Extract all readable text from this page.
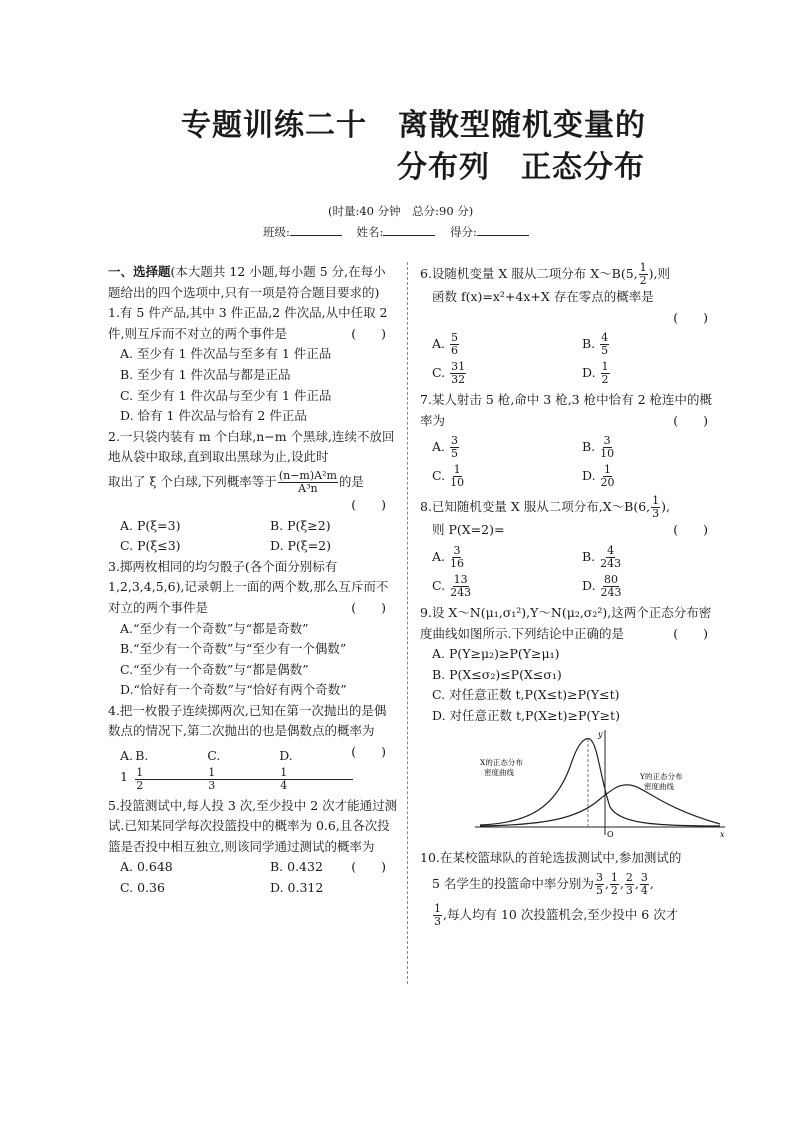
专题训练二十　离散型随机变量的
分布列　正态分布
(时量:40 分钟　总分:90 分)
班级:	姓名:	得分:

一、选择题(本大题共 12 小题,每小题 5 分,在每小题给出的四个选项中,只有一项是符合题目要求的)

1.有 5 件产品,其中 3 件正品,2 件次品,从中任取 2 件,则互斥而不对立的两个事件是	(　　)

A. 至少有 1 件次品与至多有 1 件正品
B. 至少有 1 件次品与都是正品
C. 至少有 1 件次品与至少有 1 件正品
D. 恰有 1 件次品与恰有 2 件正品

2.一只袋内装有 m 个白球,n−m 个黑球,连续不放回地从袋中取球,直到取出黑球为止,设此时

取出了 ξ 个白球,下列概率等于 $\frac{\text{(n−m)A²m}}{\text{A³n}}$ 的是

(　　)

A. P(ξ=3)	B. P(ξ≥2)
C. P(ξ≤3)	D. P(ξ=2)

3.掷两枚相同的均匀骰子(各个面分别标有 1,2,3,4,5,6),记录朝上一面的两个数,那么互斥而不对立的两个事件是	(　　)

A.“至少有一个奇数”与“都是奇数”
B.“至少有一个奇数”与“至少有一个偶数”
C.“至少有一个奇数”与“都是偶数”
D.“恰好有一个奇数”与“恰好有两个奇数”

4.把一枚骰子连续掷两次,已知在第一次抛出的是偶数点的情况下,第二次抛出的也是偶数点的概率为
(　　)

A. 1
B.
$\frac{1}{2}$
C.
$\frac{1}{3}$
D.
$\frac{1}{4}$

5.投篮测试中,每人投 3 次,至少投中 2 次才能通过测试.已知某同学每次投篮投中的概率为 0.6,且各次投篮是否投中相互独立,则该同学通过测试的概率为
(　　)

A. 0.648	B. 0.432
C. 0.36	D. 0.312

6.设随机变量 X 服从二项分布 X～B(5, $\frac{1}{2}$ ),则

函数 f(x)=x²+4x+X 存在零点的概率是

(　　)

A. $\frac{5}{6}$	B. $\frac{4}{5}$
C. $\frac{31}{32}$	D. $\frac{1}{2}$

7.某人射击 5 枪,命中 3 枪,3 枪中恰有 2 枪连中的概率为	(　　)

A. $\frac{3}{5}$	B. $\frac{3}{10}$
C. $\frac{1}{10}$	D. $\frac{1}{20}$

8.已知随机变量 X 服从二项分布,X～B(6, $\frac{1}{3}$ ),

则 P(X=2)=	(　　)

A. $\frac{3}{16}$	B. $\frac{4}{243}$
C. $\frac{13}{243}$	D. $\frac{80}{243}$

9.设 X～N(μ₁,σ₁²),Y～N(μ₂,σ₂²),这两个正态分布密度曲线如图所示.下列结论中正确的是	(　　)

A. P(Y≥μ₂)≥P(Y≥μ₁)
B. P(X≤σ₂)≤P(X≤σ₁)
C. 对任意正数 t,P(X≤t)≥P(Y≤t)
D. 对任意正数 t,P(X≥t)≥P(Y≥t)
y
x
O
X的正态分布
密度曲线	Y的正态分布
密度曲线

10.在某校篮球队的首轮选拔测试中,参加测试的

5 名学生的投篮命中率分别为 $\frac{3}{5}$ , $\frac{1}{2}$ , $\frac{2}{3}$ , $\frac{3}{4}$ ,

$\frac{1}{3}$ ,每人均有 10 次投篮机会,至少投中 6 次才
